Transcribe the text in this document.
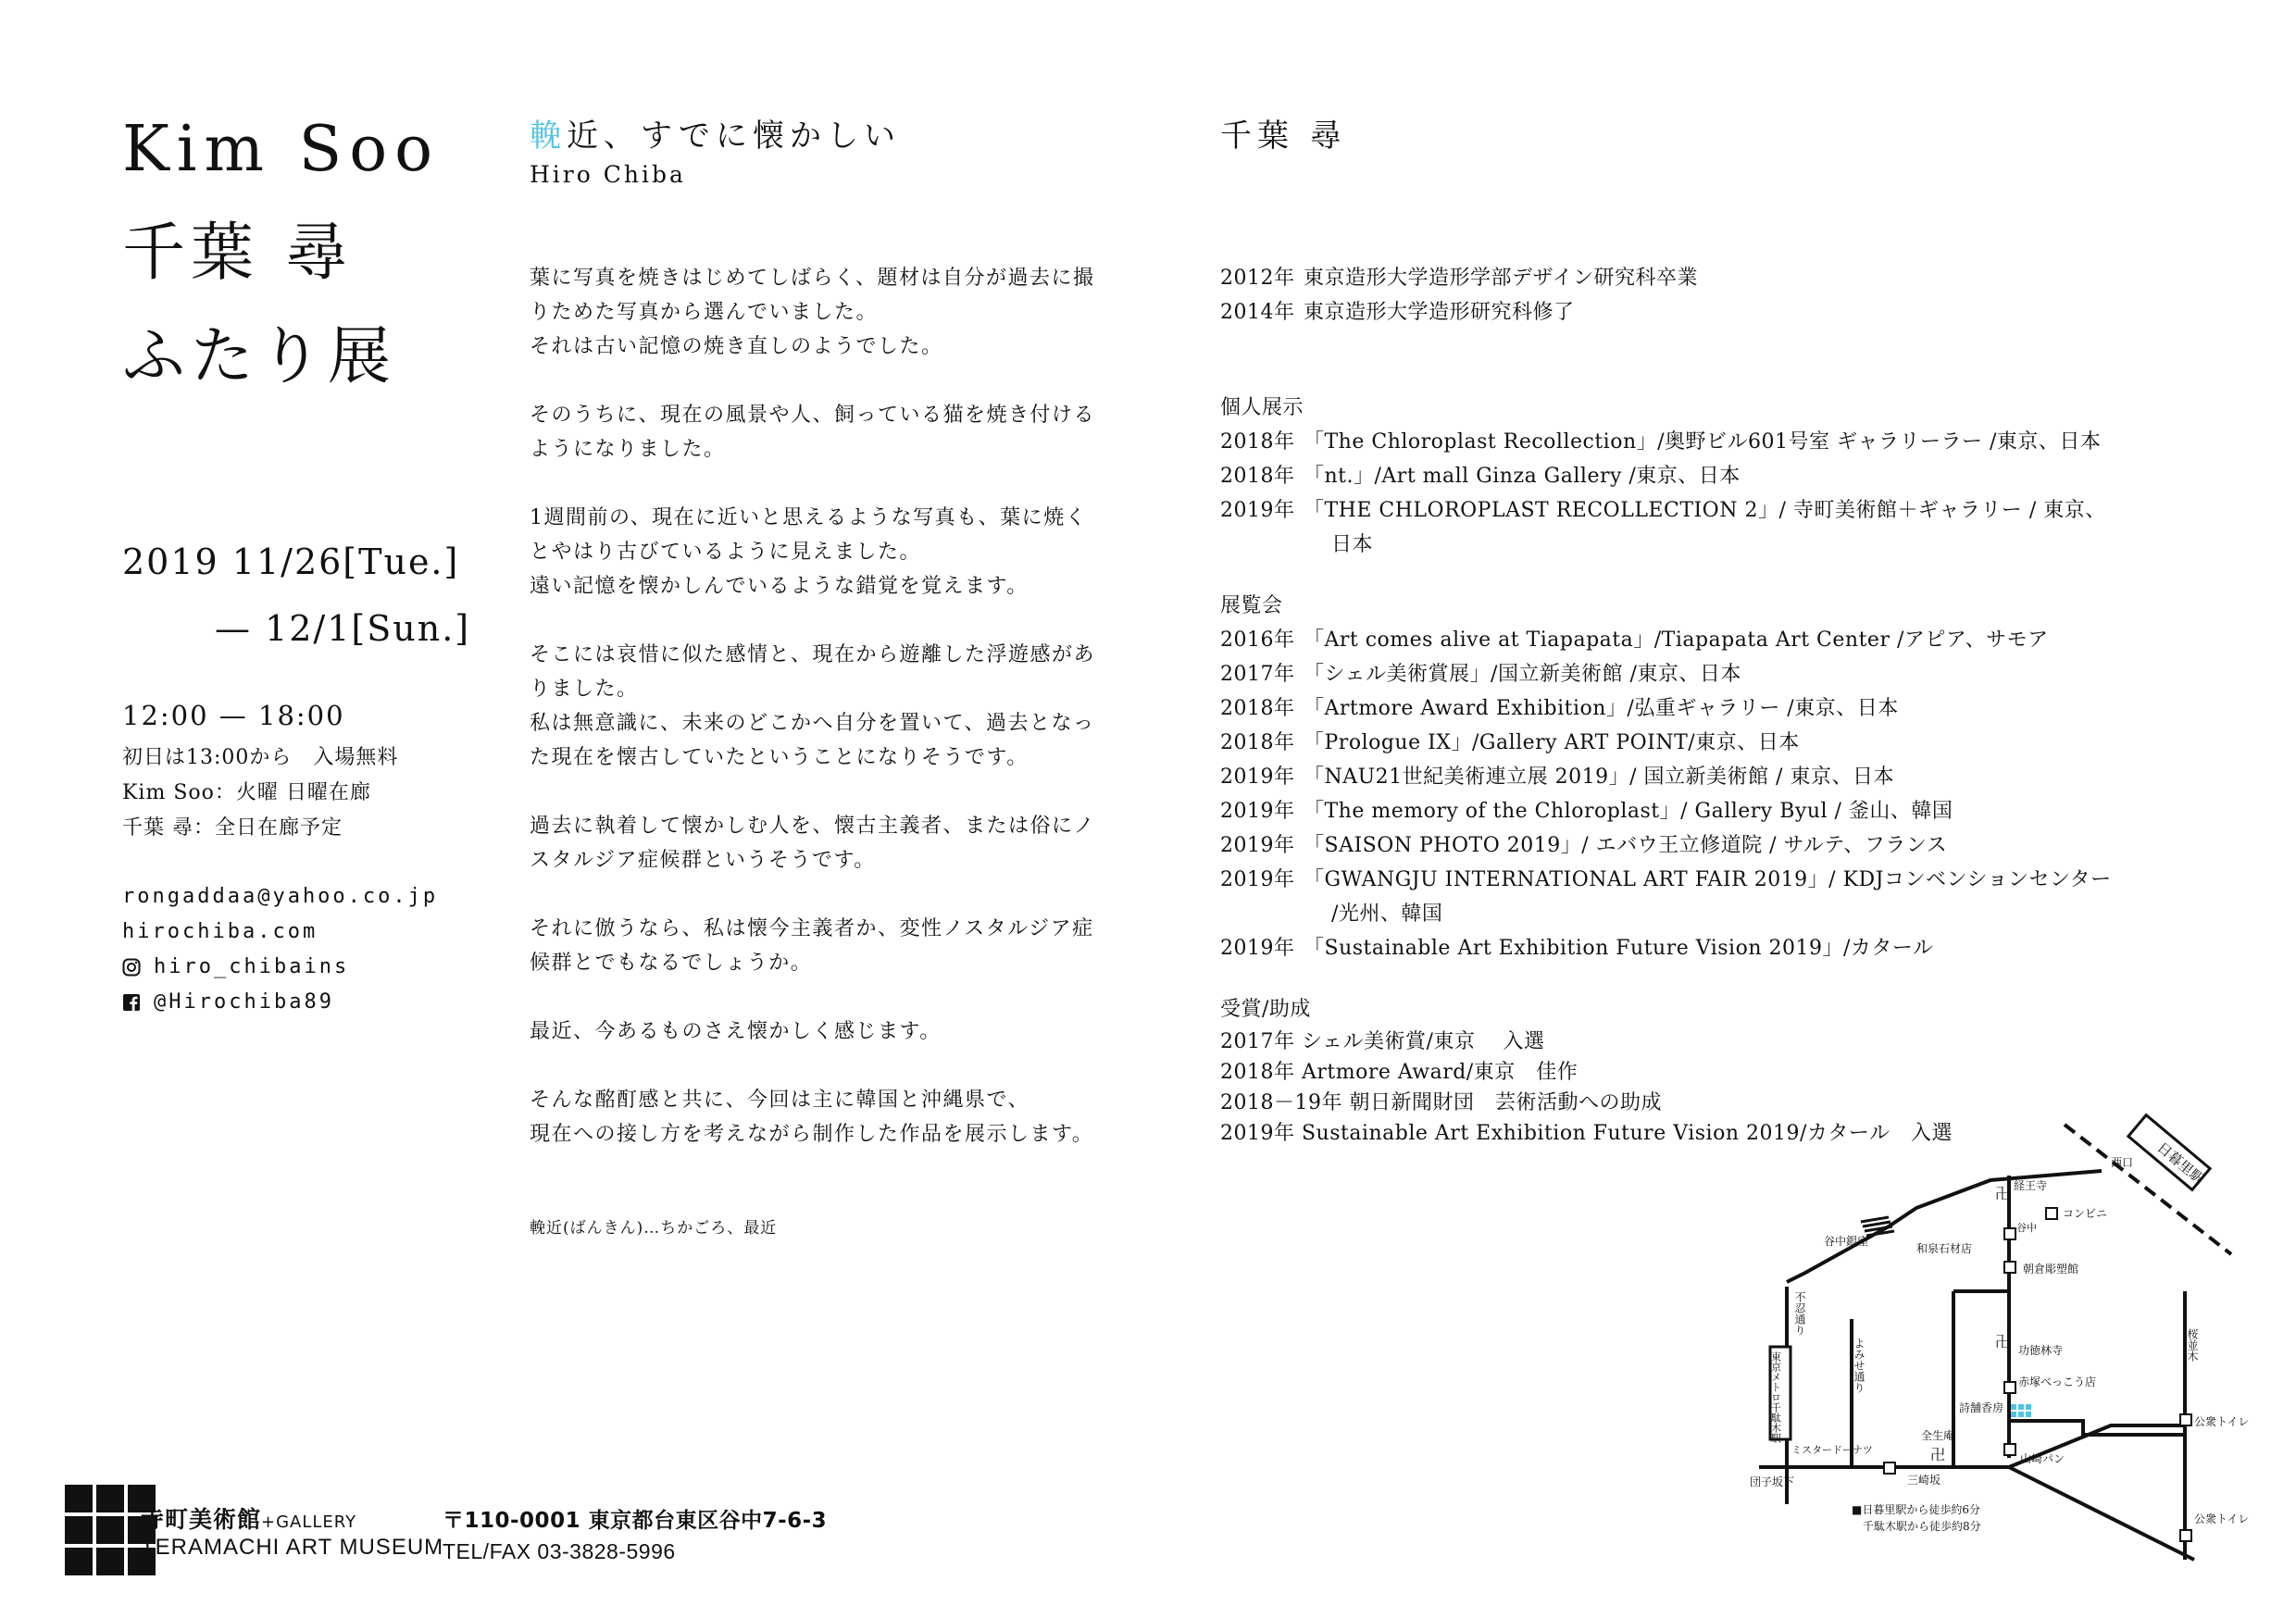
Kim Soo
千葉 尋
ふたり展
2019 11/26[Tue.]
— 12/1[Sun.]
12:00 — 18:00
初日は13:00から　入場無料
Kim Soo：火曜 日曜在廊
千葉 尋：全日在廊予定
rongaddaa@yahoo.co.jp
hirochiba.com
hiro_chibains
@Hirochiba89
輓近、すでに懐かしい
Hiro Chiba
葉に写真を焼きはじめてしばらく、題材は自分が過去に撮
りためた写真から選んでいました。
それは古い記憶の焼き直しのようでした。
そのうちに、現在の風景や人、飼っている猫を焼き付ける
ようになりました。
1週間前の、現在に近いと思えるような写真も、葉に焼く
とやはり古びているように見えました。
遠い記憶を懐かしんでいるような錯覚を覚えます。
そこには哀惜に似た感情と、現在から遊離した浮遊感があ
りました。
私は無意識に、未来のどこかへ自分を置いて、過去となっ
た現在を懐古していたということになりそうです。
過去に執着して懐かしむ人を、懐古主義者、または俗にノ
スタルジア症候群というそうです。
それに倣うなら、私は懐今主義者か、変性ノスタルジア症
候群とでもなるでしょうか。
最近、今あるものさえ懐かしく感じます。
そんな酩酊感と共に、今回は主に韓国と沖縄県で、
現在への接し方を考えながら制作した作品を展示します。
輓近(ばんきん)…ちかごろ、最近
千葉 尋
2012年 東京造形大学造形学部デザイン研究科卒業
2014年 東京造形大学造形研究科修了
個人展示
2018年 「The Chloroplast Recollection」/奥野ビル601号室 ギャラリーラー /東京、日本
2018年 「nt.」/Art mall Ginza Gallery /東京、日本
2019年 「THE CHLOROPLAST RECOLLECTION 2」/ 寺町美術館＋ギャラリー / 東京、
日本
展覧会
2016年 「Art comes alive at Tiapapata」/Tiapapata Art Center /アピア、サモア
2017年 「シェル美術賞展」/国立新美術館 /東京、日本
2018年 「Artmore Award Exhibition」/弘重ギャラリー /東京、日本
2018年 「Prologue IX」/Gallery ART POINT/東京、日本
2019年 「NAU21世紀美術連立展 2019」/ 国立新美術館 / 東京、日本
2019年 「The memory of the Chloroplast」/ Gallery Byul / 釜山、韓国
2019年 「SAISON PHOTO 2019」/ エバウ王立修道院 / サルテ、フランス
2019年 「GWANGJU INTERNATIONAL ART FAIR 2019」/ KDJコンベンションセンター
/光州、韓国
2019年 「Sustainable Art Exhibition Future Vision 2019」/カタール
受賞/助成
2017年 シェル美術賞/東京　 入選
2018年 Artmore Award/東京　佳作
2018－19年 朝日新聞財団　芸術活動への助成
2019年 Sustainable Art Exhibition Future Vision 2019/カタール　入選
日暮里駅
卍
卍
卍
西口
経王寺
コンビニ
朝倉彫塑館
谷中銀座
谷中
和泉石材店
功徳林寺
赤塚べっこう店
公衆トイレ
公衆トイレ
ミスタードーナツ
全生庵
詩舗香房
山崎パン
団子坂下	三崎坂
■日暮里駅から徒歩約6分
千駄木駅から徒歩約8分
不忍通り
よみせ通り	桜並木
東京メトロ千駄木駅
寺町美術館+GALLERY
TERAMACHI ART MUSEUM
〒110-0001 東京都台東区谷中7-6-3
TEL/FAX 03-3828-5996
